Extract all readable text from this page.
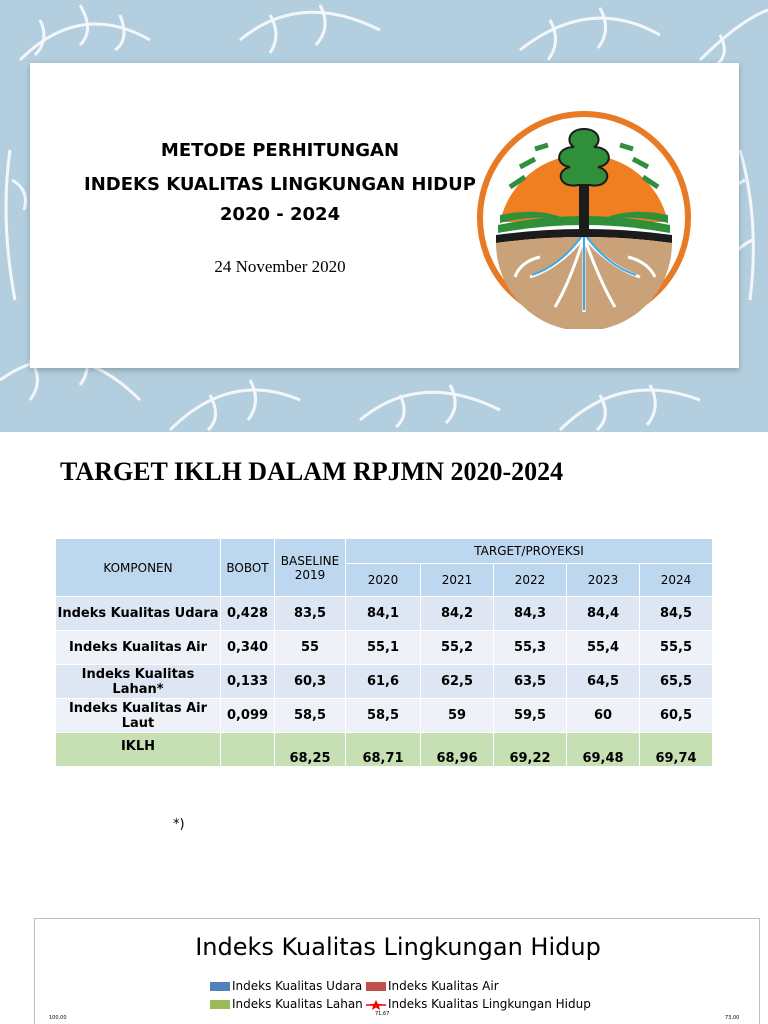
METODE PERHITUNGAN
INDEKS KUALITAS LINGKUNGAN HIDUP
2020 - 2024
24 November 2020
TARGET IKLH DALAM RPJMN 2020-2024
KOMPONEN	BOBOT	BASELINE 2019	TARGET/PROYEKSI				
			2020	2021	2022	2023	2024
Indeks Kualitas Udara	0,428	83,5	84,1	84,2	84,3	84,4	84,5
Indeks Kualitas Air	0,340	55	55,1	55,2	55,3	55,4	55,5
Indeks Kualitas Lahan*	0,133	60,3	61,6	62,5	63,5	64,5	65,5
Indeks Kualitas Air Laut	0,099	58,5	58,5	59	59,5	60	60,5
IKLH		68,25	68,71	68,96	69,22	69,48	69,74
*)
Indeks Kualitas Lingkungan Hidup
Indeks Kualitas Udara	Indeks Kualitas Air
Indeks Kualitas Lahan	Indeks Kualitas Lingkungan Hidup
100,00
71,67
73,00
